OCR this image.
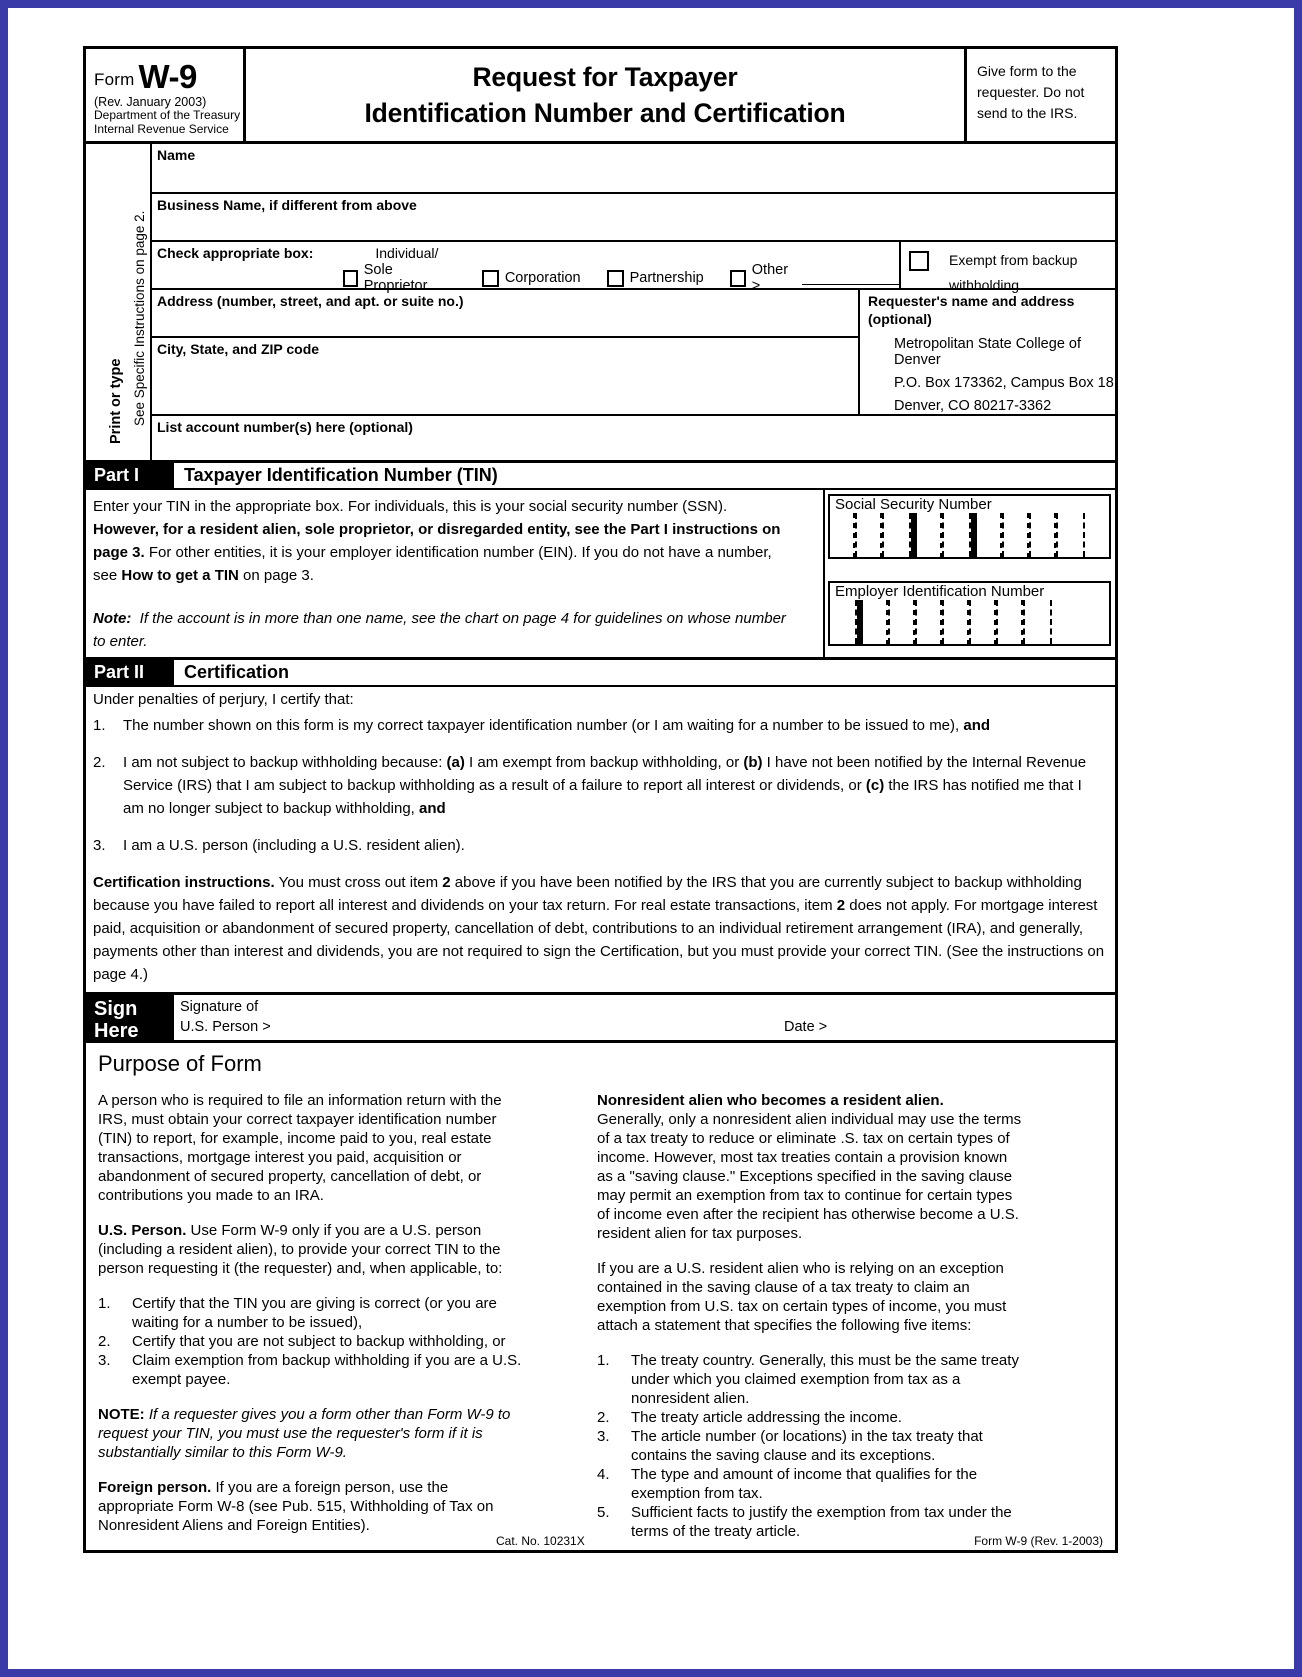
Form W-9
(Rev. January 2003)
Department of the Treasury
Internal Revenue Service
Request for Taxpayer
Identification Number and Certification
Give form to the requester. Do not send to the IRS.
Print or type See Specific Instructions on page 2.
Name
Business Name, if different from above
Check appropriate box:	Individual/
Sole Proprietor	Corporation	Partnership	Other >
Exempt from backup
withholding
Address (number, street, and apt. or suite no.)
City, State, and ZIP code
Requester's name and address (optional)
Metropolitan State College of Denver
P.O. Box 173362, Campus Box 18
Denver, CO 80217-3362
List account number(s) here (optional)
Part I	Taxpayer Identification Number (TIN)

Enter your TIN in the appropriate box. For individuals, this is your social security number (SSN).

However, for a resident alien, sole proprietor, or disregarded entity, see the Part I instructions on

page 3. For other entities, it is your employer identification number (EIN). If you do not have a number,

see How to get a TIN on page 3.

Note: If the account is in more than one name, see the chart on page 4 for guidelines on whose number

to enter.

Social Security Number
Employer Identification Number
Part II	Certification

Under penalties of perjury, I certify that:

1.	The number shown on this form is my correct taxpayer identification number (or I am waiting for a number to be issued to me), and
2.	I am not subject to backup withholding because: (a) I am exempt from backup withholding, or (b) I have not been notified by the Internal Revenue Service (IRS) that I am subject to backup withholding as a result of a failure to report all interest or dividends, or (c) the IRS has notified me that I am no longer subject to backup withholding, and
3.	I am a U.S. person (including a U.S. resident alien).

Certification instructions. You must cross out item 2 above if you have been notified by the IRS that you are currently subject to backup withholding because you have failed to report all interest and dividends on your tax return. For real estate transactions, item 2 does not apply. For mortgage interest paid, acquisition or abandonment of secured property, cancellation of debt, contributions to an individual retirement arrangement (IRA), and generally, payments other than interest and dividends, you are not required to sign the Certification, but you must provide your correct TIN. (See the instructions on page 4.)

Sign
Here
Signature of
U.S. Person >	Date >
Purpose of Form

A person who is required to file an information return with the IRS, must obtain your correct taxpayer identification number (TIN) to report, for example, income paid to you, real estate transactions, mortgage interest you paid, acquisition or abandonment of secured property, cancellation of debt, or contributions you made to an IRA.

U.S. Person. Use Form W-9 only if you are a U.S. person (including a resident alien), to provide your correct TIN to the person requesting it (the requester) and, when applicable, to:

1.	Certify that the TIN you are giving is correct (or you are waiting for a number to be issued),
2.	Certify that you are not subject to backup withholding, or
3.	Claim exemption from backup withholding if you are a U.S. exempt payee.

NOTE: If a requester gives you a form other than Form W-9 to request your TIN, you must use the requester's form if it is substantially similar to this Form W-9.

Foreign person. If you are a foreign person, use the appropriate Form W-8 (see Pub. 515, Withholding of Tax on Nonresident Aliens and Foreign Entities).

Nonresident alien who becomes a resident alien.
Generally, only a nonresident alien individual may use the terms of a tax treaty to reduce or eliminate .S. tax on certain types of income. However, most tax treaties contain a provision known as a "saving clause." Exceptions specified in the saving clause may permit an exemption from tax to continue for certain types of income even after the recipient has otherwise become a U.S. resident alien for tax purposes.

If you are a U.S. resident alien who is relying on an exception contained in the saving clause of a tax treaty to claim an exemption from U.S. tax on certain types of income, you must attach a statement that specifies the following five items:

1.	The treaty country. Generally, this must be the same treaty under which you claimed exemption from tax as a nonresident alien.
2.	The treaty article addressing the income.
3.	The article number (or locations) in the tax treaty that contains the saving clause and its exceptions.
4.	The type and amount of income that qualifies for the exemption from tax.
5.	Sufficient facts to justify the exemption from tax under the terms of the treaty article.
Cat. No. 10231X	Form W-9 (Rev. 1-2003)
